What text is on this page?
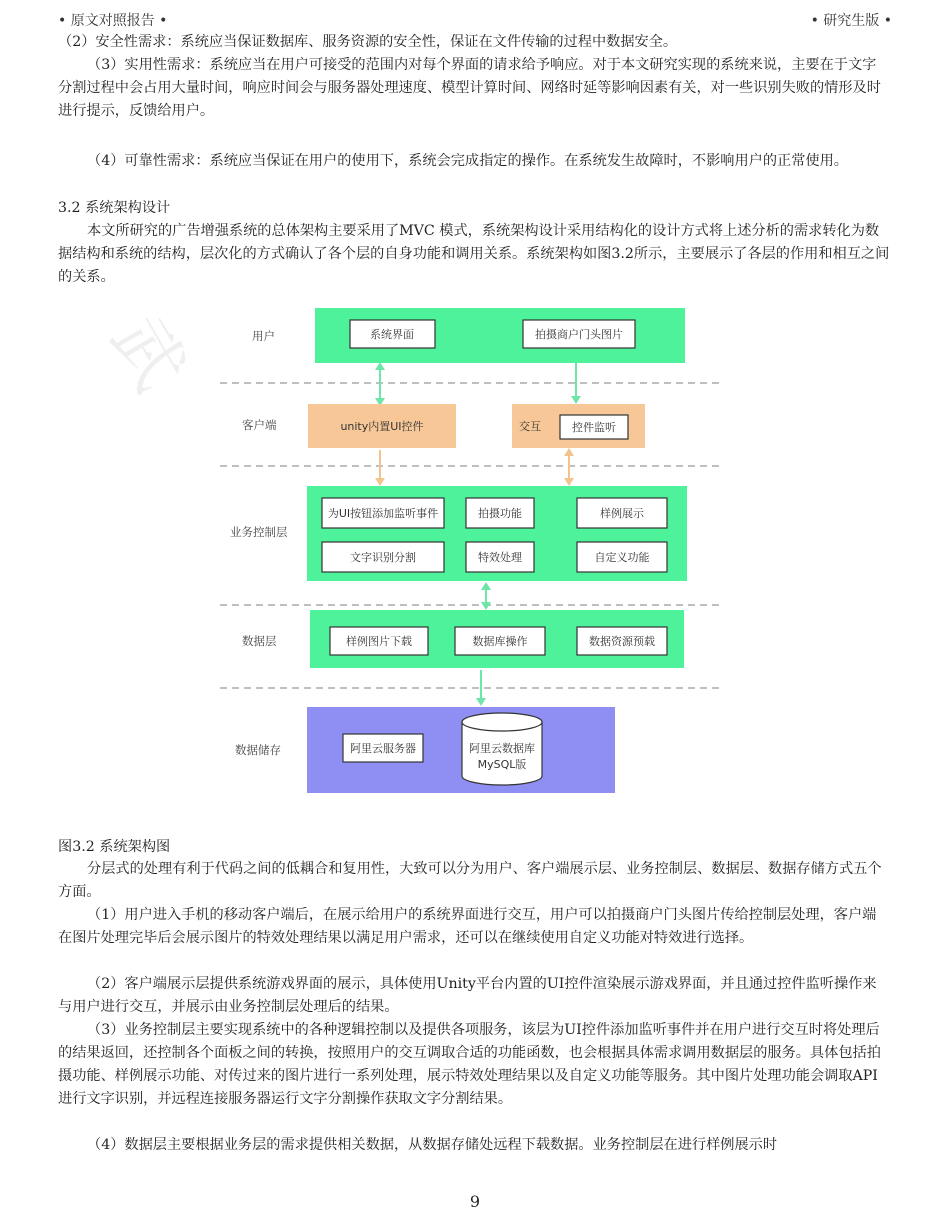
• 原文对照报告 •	• 研究生版 •
武

（2）安全性需求：系统应当保证数据库、服务资源的安全性，保证在文件传输的过程中数据安全。

（3）实用性需求：系统应当在用户可接受的范围内对每个界面的请求给予响应。对于本文研究实现的系统来说，主要在于文字分割过程中会占用大量时间，响应时间会与服务器处理速度、模型计算时间、网络时延等影响因素有关，对一些识别失败的情形及时进行提示，反馈给用户。

（4）可靠性需求：系统应当保证在用户的使用下，系统会完成指定的操作。在系统发生故障时，不影响用户的正常使用。

3.2 系统架构设计

本文所研究的广告增强系统的总体架构主要采用了MVC 模式，系统架构设计采用结构化的设计方式将上述分析的需求转化为数据结构和系统的结构，层次化的方式确认了各个层的自身功能和调用关系。系统架构如图3.2所示，主要展示了各层的作用和相互之间的关系。

用户
客户端
业务控制层
数据层
数据储存
系统界面	拍摄商户门头图片
unity内置UI控件	交互	控件监听
为UI按钮添加监听事件	拍摄功能	样例展示
文字识别分割	特效处理	自定义功能
样例图片下载	数据库操作	数据资源预载
阿里云服务器	阿里云数据库
MySQL版

图3.2 系统架构图

分层式的处理有利于代码之间的低耦合和复用性，大致可以分为用户、客户端展示层、业务控制层、数据层、数据存储方式五个方面。

（1）用户进入手机的移动客户端后，在展示给用户的系统界面进行交互，用户可以拍摄商户门头图片传给控制层处理，客户端在图片处理完毕后会展示图片的特效处理结果以满足用户需求，还可以在继续使用自定义功能对特效进行选择。

（2）客户端展示层提供系统游戏界面的展示，具体使用Unity平台内置的UI控件渲染展示游戏界面，并且通过控件监听操作来与用户进行交互，并展示由业务控制层处理后的结果。

（3）业务控制层主要实现系统中的各种逻辑控制以及提供各项服务，该层为UI控件添加监听事件并在用户进行交互时将处理后的结果返回，还控制各个面板之间的转换，按照用户的交互调取合适的功能函数，也会根据具体需求调用数据层的服务。具体包括拍摄功能、样例展示功能、对传过来的图片进行一系列处理，展示特效处理结果以及自定义功能等服务。其中图片处理功能会调取API进行文字识别，并远程连接服务器运行文字分割操作获取文字分割结果。

（4）数据层主要根据业务层的需求提供相关数据，从数据存储处远程下载数据。业务控制层在进行样例展示时

9
